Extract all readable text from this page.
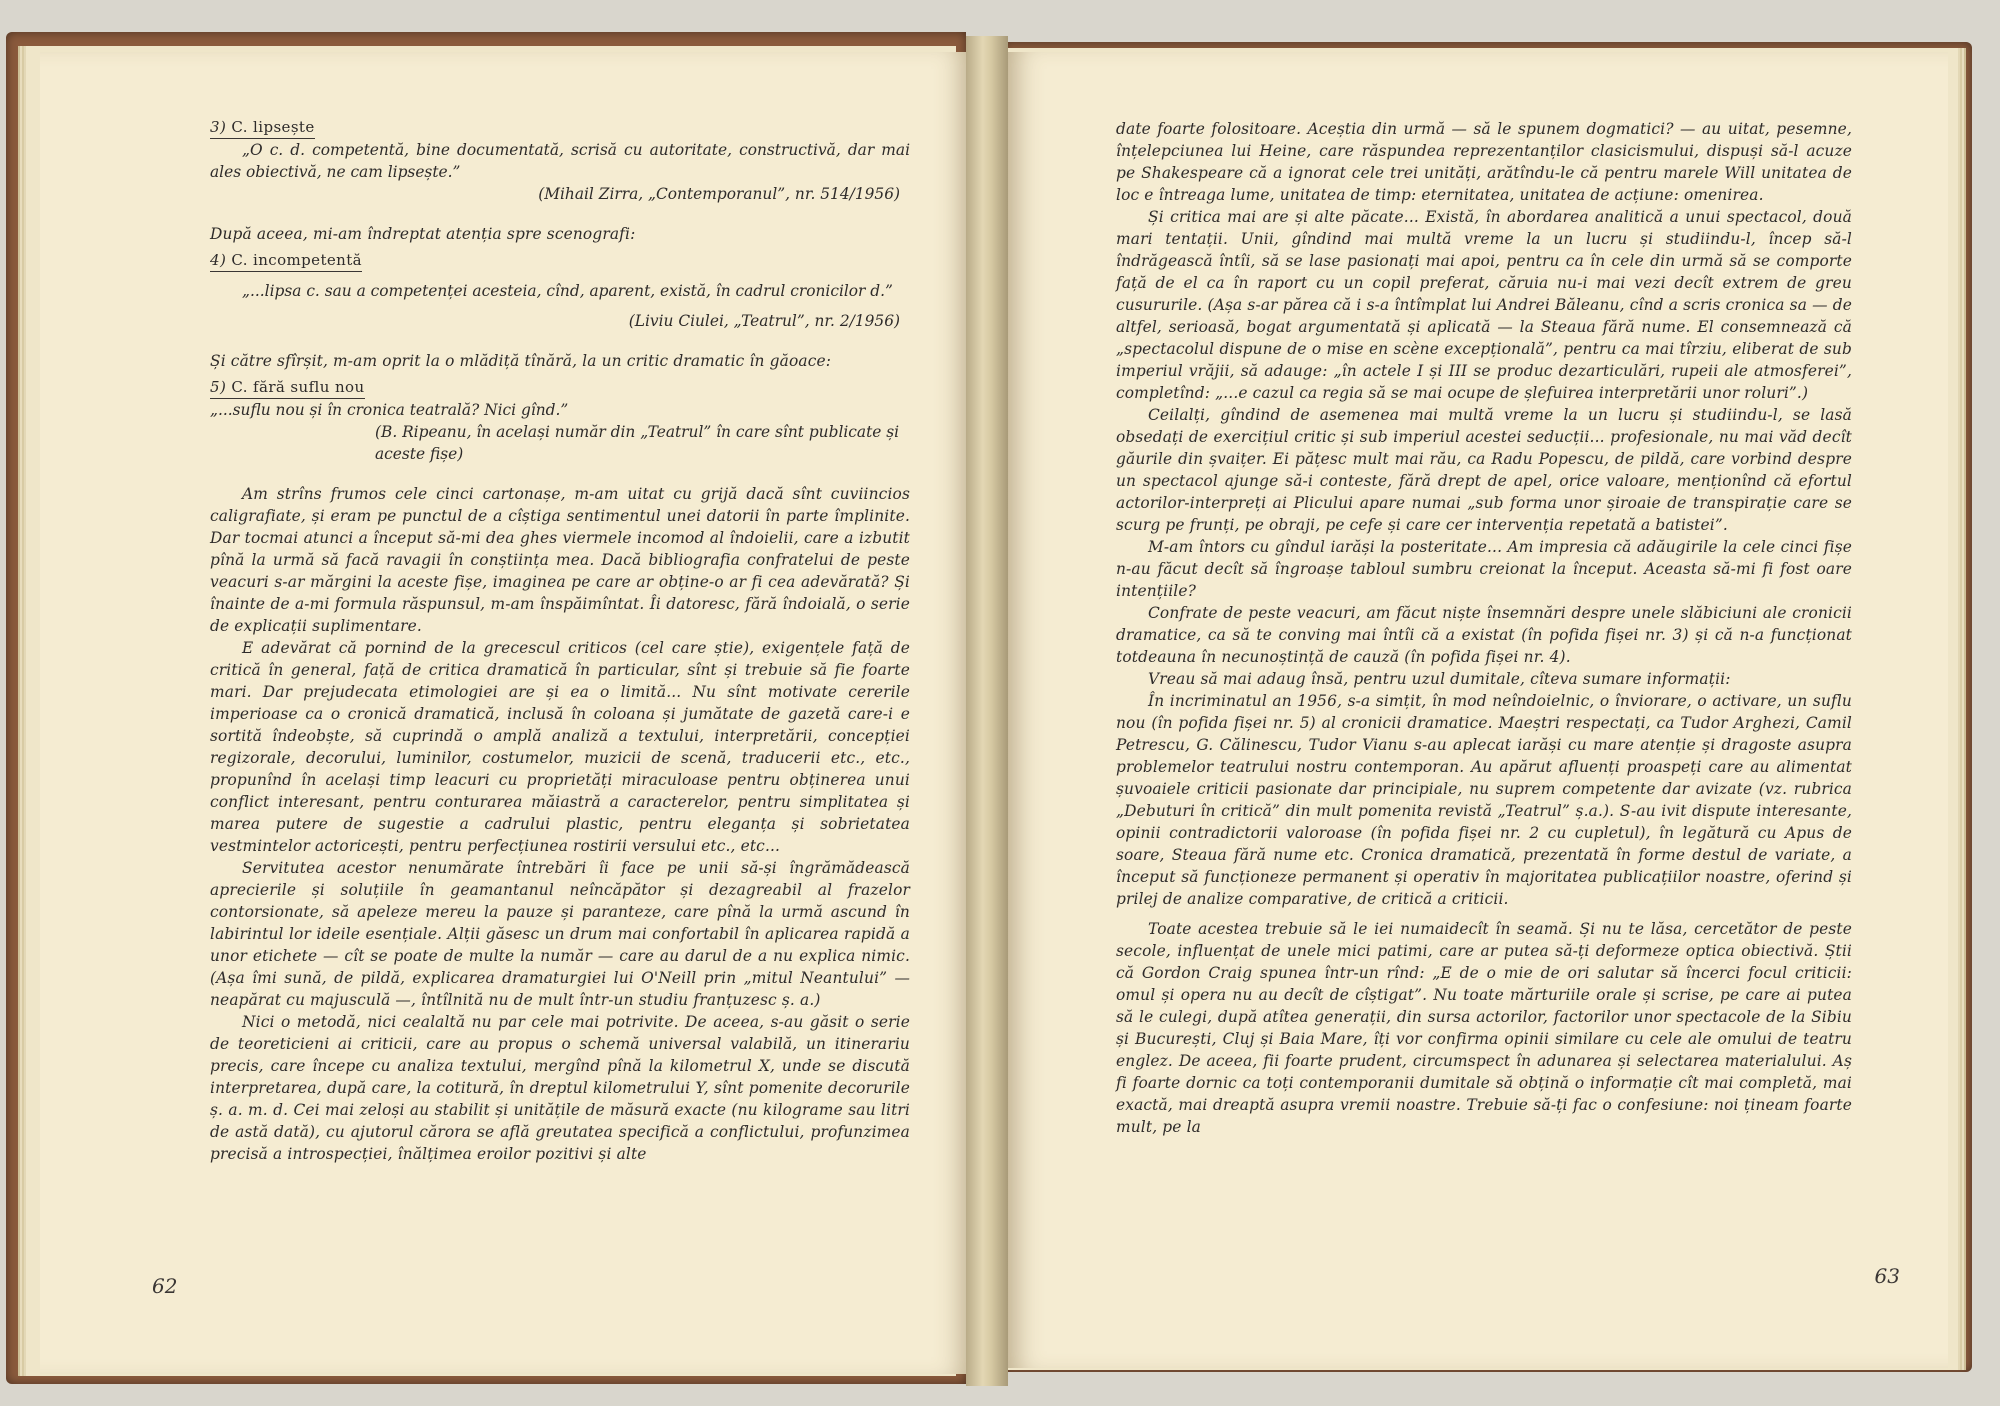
3) C. lipsește

„O c. d. competentă, bine documentată, scrisă cu autoritate, constructivă, dar mai ales obiectivă, ne cam lipsește.”

(Mihail Zirra, „Contemporanul”, nr. 514/1956)

După aceea, mi-am îndreptat atenția spre scenografi:

4) C. incompetentă

„...lipsa c. sau a competenței acesteia, cînd, aparent, există, în cadrul cronicilor d.”

(Liviu Ciulei, „Teatrul”, nr. 2/1956)

Și către sfîrșit, m-am oprit la o mlădiță tînără, la un critic dramatic în găoace:

5) C. fără suflu nou

„...suflu nou și în cronica teatrală? Nici gînd.”

(B. Ripeanu, în același număr din „Teatrul” în care sînt publicate și aceste fișe)

Am strîns frumos cele cinci cartonașe, m-am uitat cu grijă dacă sînt cuviincios caligrafiate, și eram pe punctul de a cîștiga sentimentul unei datorii în parte împlinite. Dar tocmai atunci a început să-mi dea ghes viermele incomod al îndoielii, care a izbutit pînă la urmă să facă ravagii în conștiința mea. Dacă bibliografia confratelui de peste veacuri s-ar mărgini la aceste fișe, imaginea pe care ar obține-o ar fi cea adevărată? Și înainte de a-mi formula răspunsul, m-am înspăimîntat. Îi datoresc, fără îndoială, o serie de explicații suplimentare.

E adevărat că pornind de la grecescul criticos (cel care știe), exigențele față de critică în general, față de critica dramatică în particular, sînt și trebuie să fie foarte mari. Dar prejudecata etimologiei are și ea o limită... Nu sînt motivate cererile imperioase ca o cronică dramatică, inclusă în coloana și jumătate de gazetă care-i e sortită îndeobște, să cuprindă o amplă analiză a textului, interpretării, concepției regizorale, decorului, luminilor, costumelor, muzicii de scenă, traducerii etc., etc., propunînd în același timp leacuri cu proprietăți miraculoase pentru obținerea unui conflict interesant, pentru conturarea măiastră a caracterelor, pentru simplitatea și marea putere de sugestie a cadrului plastic, pentru eleganța și sobrietatea vestmintelor actoricești, pentru perfecțiunea rostirii versului etc., etc...

Servitutea acestor nenumărate întrebări îi face pe unii să-și îngrămădească aprecierile și soluțiile în geamantanul neîncăpător și dezagreabil al frazelor contorsionate, să apeleze mereu la pauze și paranteze, care pînă la urmă ascund în labirintul lor ideile esențiale. Alții găsesc un drum mai confortabil în aplicarea rapidă a unor etichete — cît se poate de multe la număr — care au darul de a nu explica nimic. (Așa îmi sună, de pildă, explicarea dramaturgiei lui O'Neill prin „mitul Neantului” — neapărat cu majusculă —, întîlnită nu de mult într-un studiu franțuzesc ș. a.)

Nici o metodă, nici cealaltă nu par cele mai potrivite. De aceea, s-au găsit o serie de teoreticieni ai criticii, care au propus o schemă universal valabilă, un itinerariu precis, care începe cu analiza textului, mergînd pînă la kilometrul X, unde se discută interpretarea, după care, la cotitură, în dreptul kilometrului Y, sînt pomenite decorurile ș. a. m. d. Cei mai zeloși au stabilit și unitățile de măsură exacte (nu kilograme sau litri de astă dată), cu ajutorul cărora se află greutatea specifică a conflictului, profunzimea precisă a introspecției, înălțimea eroilor pozitivi și alte

62

date foarte folositoare. Aceștia din urmă — să le spunem dogmatici? — au uitat, pesemne, înțelepciunea lui Heine, care răspundea reprezentanților clasicismului, dispuși să-l acuze pe Shakespeare că a ignorat cele trei unități, arătîndu-le că pentru marele Will unitatea de loc e întreaga lume, unitatea de timp: eternitatea, unitatea de acțiune: omenirea.

Și critica mai are și alte păcate... Există, în abordarea analitică a unui spectacol, două mari tentații. Unii, gîndind mai multă vreme la un lucru și studiindu-l, încep să-l îndrăgească întîi, să se lase pasionați mai apoi, pentru ca în cele din urmă să se comporte față de el ca în raport cu un copil preferat, căruia nu-i mai vezi decît extrem de greu cusururile. (Așa s-ar părea că i s-a întîmplat lui Andrei Băleanu, cînd a scris cronica sa — de altfel, serioasă, bogat argumentată și aplicată — la Steaua fără nume. El consemnează că „spectacolul dispune de o mise en scène excepțională”, pentru ca mai tîrziu, eliberat de sub imperiul vrăjii, să adauge: „în actele I și III se produc dezarticulări, rupeii ale atmosferei”, completînd: „...e cazul ca regia să se mai ocupe de șlefuirea interpretării unor roluri”.)

Ceilalți, gîndind de asemenea mai multă vreme la un lucru și studiindu-l, se lasă obsedați de exercițiul critic și sub imperiul acestei seducții... profesionale, nu mai văd decît găurile din șvaițer. Ei pățesc mult mai rău, ca Radu Popescu, de pildă, care vorbind despre un spectacol ajunge să-i conteste, fără drept de apel, orice valoare, menționînd că efortul actorilor-interpreți ai Plicului apare numai „sub forma unor șiroaie de transpirație care se scurg pe frunți, pe obraji, pe cefe și care cer intervenția repetată a batistei”.

M-am întors cu gîndul iarăși la posteritate... Am impresia că adăugirile la cele cinci fișe n-au făcut decît să îngroașe tabloul sumbru creionat la început. Aceasta să-mi fi fost oare intențiile?

Confrate de peste veacuri, am făcut niște însemnări despre unele slăbiciuni ale cronicii dramatice, ca să te conving mai întîi că a existat (în pofida fișei nr. 3) și că n-a funcționat totdeauna în necunoștință de cauză (în pofida fișei nr. 4).

Vreau să mai adaug însă, pentru uzul dumitale, cîteva sumare informații:

În incriminatul an 1956, s-a simțit, în mod neîndoielnic, o înviorare, o activare, un suflu nou (în pofida fișei nr. 5) al cronicii dramatice. Maeștri respectați, ca Tudor Arghezi, Camil Petrescu, G. Călinescu, Tudor Vianu s-au aplecat iarăși cu mare atenție și dragoste asupra problemelor teatrului nostru contemporan. Au apărut afluenți proaspeți care au alimentat șuvoaiele criticii pasionate dar principiale, nu suprem competente dar avizate (vz. rubrica „Debuturi în critică” din mult pomenita revistă „Teatrul” ș.a.). S-au ivit dispute interesante, opinii contradictorii valoroase (în pofida fișei nr. 2 cu cupletul), în legătură cu Apus de soare, Steaua fără nume etc. Cronica dramatică, prezentată în forme destul de variate, a început să funcționeze permanent și operativ în majoritatea publicațiilor noastre, oferind și prilej de analize comparative, de critică a criticii.

Toate acestea trebuie să le iei numaidecît în seamă. Și nu te lăsa, cercetător de peste secole, influențat de unele mici patimi, care ar putea să-ți deformeze optica obiectivă. Știi că Gordon Craig spunea într-un rînd: „E de o mie de ori salutar să încerci focul criticii: omul și opera nu au decît de cîștigat”. Nu toate mărturiile orale și scrise, pe care ai putea să le culegi, după atîtea generații, din sursa actorilor, factorilor unor spectacole de la Sibiu și București, Cluj și Baia Mare, îți vor confirma opinii similare cu cele ale omului de teatru englez. De aceea, fii foarte prudent, circumspect în adunarea și selectarea materialului. Aș fi foarte dornic ca toți contemporanii dumitale să obțină o informație cît mai completă, mai exactă, mai dreaptă asupra vremii noastre. Trebuie să-ți fac o confesiune: noi țineam foarte mult, pe la

63
